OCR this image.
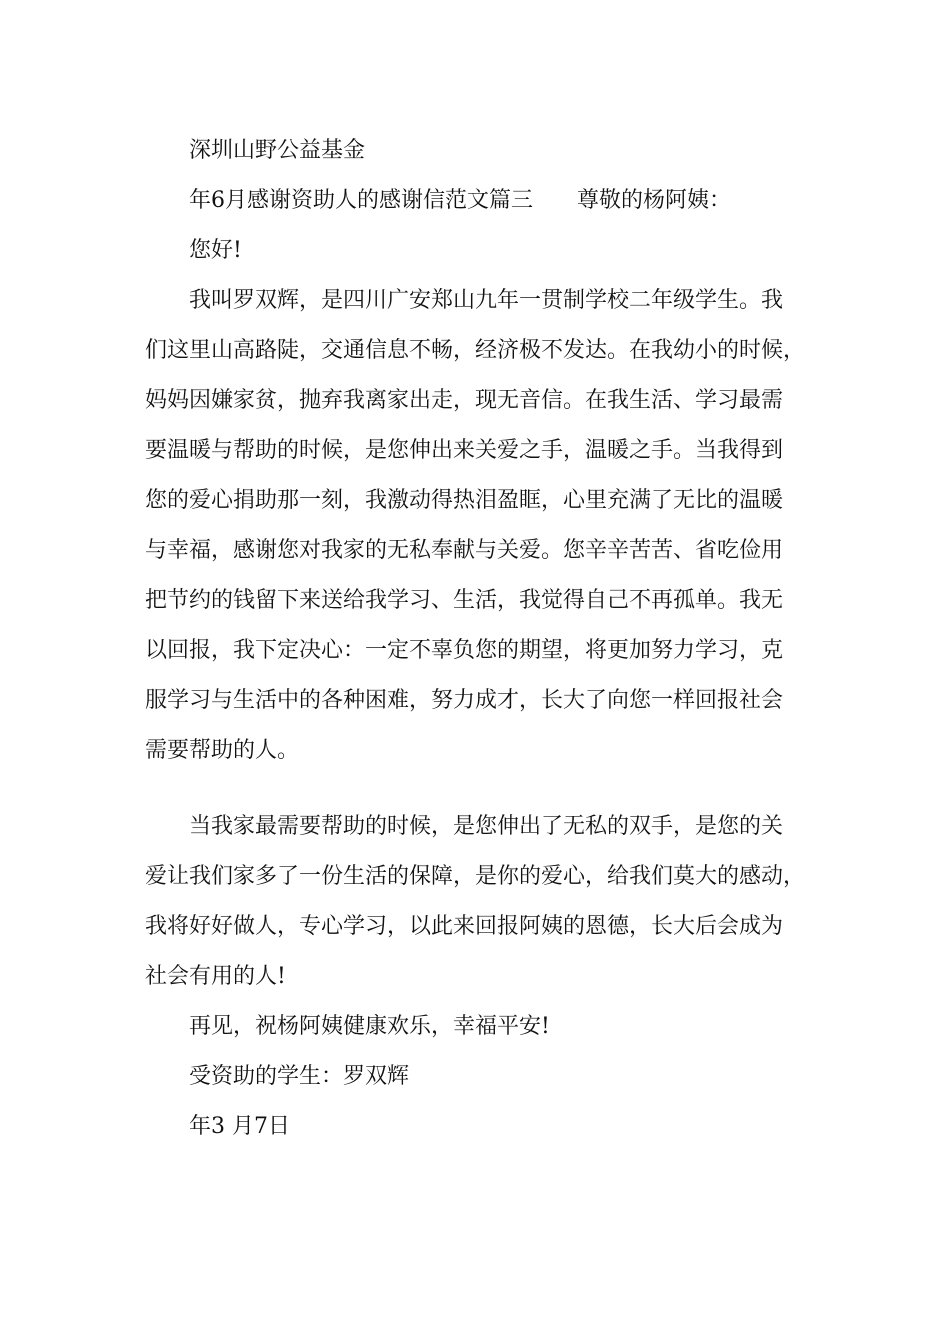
深圳山野公益基金
年6月感谢资助人的感谢信范文篇三 尊敬的杨阿姨：
您好!
我叫罗双辉，是四川广安郑山九年一贯制学校二年级学生。我
们这里山高路陡，交通信息不畅，经济极不发达。在我幼小的时候，
妈妈因嫌家贫，抛弃我离家出走，现无音信。在我生活、学习最需
要温暖与帮助的时候，是您伸出来关爱之手，温暖之手。当我得到
您的爱心捐助那一刻，我激动得热泪盈眶，心里充满了无比的温暖
与幸福，感谢您对我家的无私奉献与关爱。您辛辛苦苦、省吃俭用
把节约的钱留下来送给我学习、生活，我觉得自己不再孤单。我无
以回报，我下定决心：一定不辜负您的期望，将更加努力学习，克
服学习与生活中的各种困难，努力成才，长大了向您一样回报社会
需要帮助的人。
当我家最需要帮助的时候，是您伸出了无私的双手，是您的关
爱让我们家多了一份生活的保障，是你的爱心，给我们莫大的感动，
我将好好做人，专心学习，以此来回报阿姨的恩德，长大后会成为
社会有用的人!
再见，祝杨阿姨健康欢乐，幸福平安!
受资助的学生：罗双辉
年3 月7日
